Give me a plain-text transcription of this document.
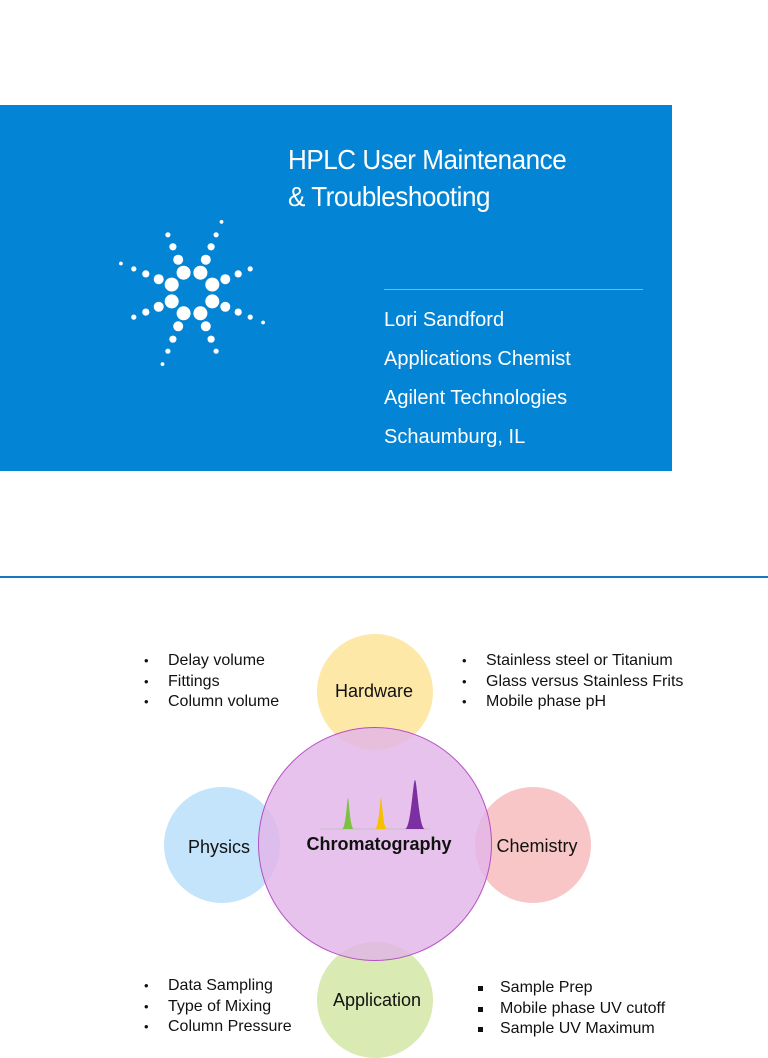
HPLC User Maintenance
& Troubleshooting
Lori Sandford
Applications Chemist
Agilent Technologies
Schaumburg, IL
• Delay volume
• Fittings
• Column volume
• Stainless steel or Titanium
• Glass versus Stainless Frits
• Mobile phase pH
Hardware
Physics	Chemistry
Application
Chromatography
• Data Sampling
• Type of Mixing
• Column Pressure
Sample Prep
Mobile phase UV cutoff
Sample UV Maximum
